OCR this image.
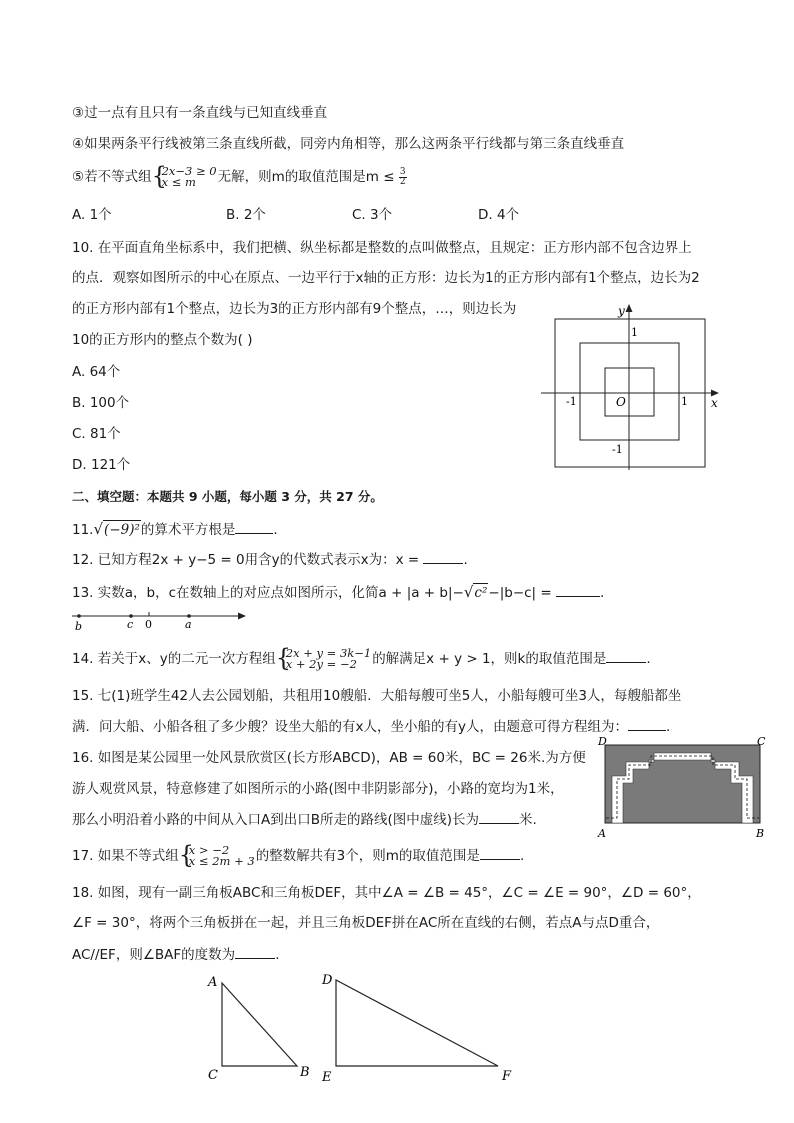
③过一点有且只有一条直线与已知直线垂直
④如果两条平行线被第三条直线所截，同旁内角相等，那么这两条平行线都与第三条直线垂直
⑤若不等式组 { 2x−3 ≥ 0
x ≤ m	无解，则m的取值范围是$m \le \frac{3}{2}$
A. 1个	B. 2个	C. 3个	D. 4个
10. 在平面直角坐标系中，我们把横、纵坐标都是整数的点叫做整点，且规定：正方形内部不包含边界上
的点．观察如图所示的中心在原点、一边平行于x轴的正方形：边长为1的正方形内部有1个整点，边长为2
的正方形内部有1个整点，边长为3的正方形内部有9个整点，…，则边长为
10的正方形内的整点个数为( )
A. 64个
B. 100个
C. 81个
D. 121个
y
x
O
1
-1	1
-1
二、填空题：本题共 9 小题，每小题 3 分，共 27 分。
11.√(−9)²的算术平方根是	.
12. 已知方程2x + y−5 = 0用含y的代数式表示x为：x =	.
13. 实数a，b，c在数轴上的对应点如图所示，化简a + |a + b|−√c²−|b−c| =	.
b	c 0	a
14. 若关于x、y的二元一次方程组 { 2x + y = 3k−1
x + 2y = −2	的解满足x + y > 1，则k的取值范围是	.
15. 七(1)班学生42人去公园划船，共租用10艘船．大船每艘可坐5人，小船每艘可坐3人，每艘船都坐
满．问大船、小船各租了多少艘？设坐大船的有x人，坐小船的有y人，由题意可得方程组为：	.
16. 如图是某公园里一处风景欣赏区(长方形ABCD)，AB = 60米，BC = 26米.为方便
游人观赏风景，特意修建了如图所示的小路(图中非阴影部分)，小路的宽均为1米，
那么小明沿着小路的中间从入口A到出口B所走的路线(图中虚线)长为	米.
D	C
A	B
17. 如果不等式组 { x > −2
x ≤ 2m + 3 的整数解共有3个，则m的取值范围是	.
18. 如图，现有一副三角板ABC和三角板DEF，其中∠A = ∠B = 45°，∠C = ∠E = 90°，∠D = 60°，
∠F = 30°，将两个三角板拼在一起，并且三角板DEF拼在AC所在直线的右侧，若点A与点D重合，
AC//EF，则∠BAF的度数为	.
A
C	B
D
E	F
